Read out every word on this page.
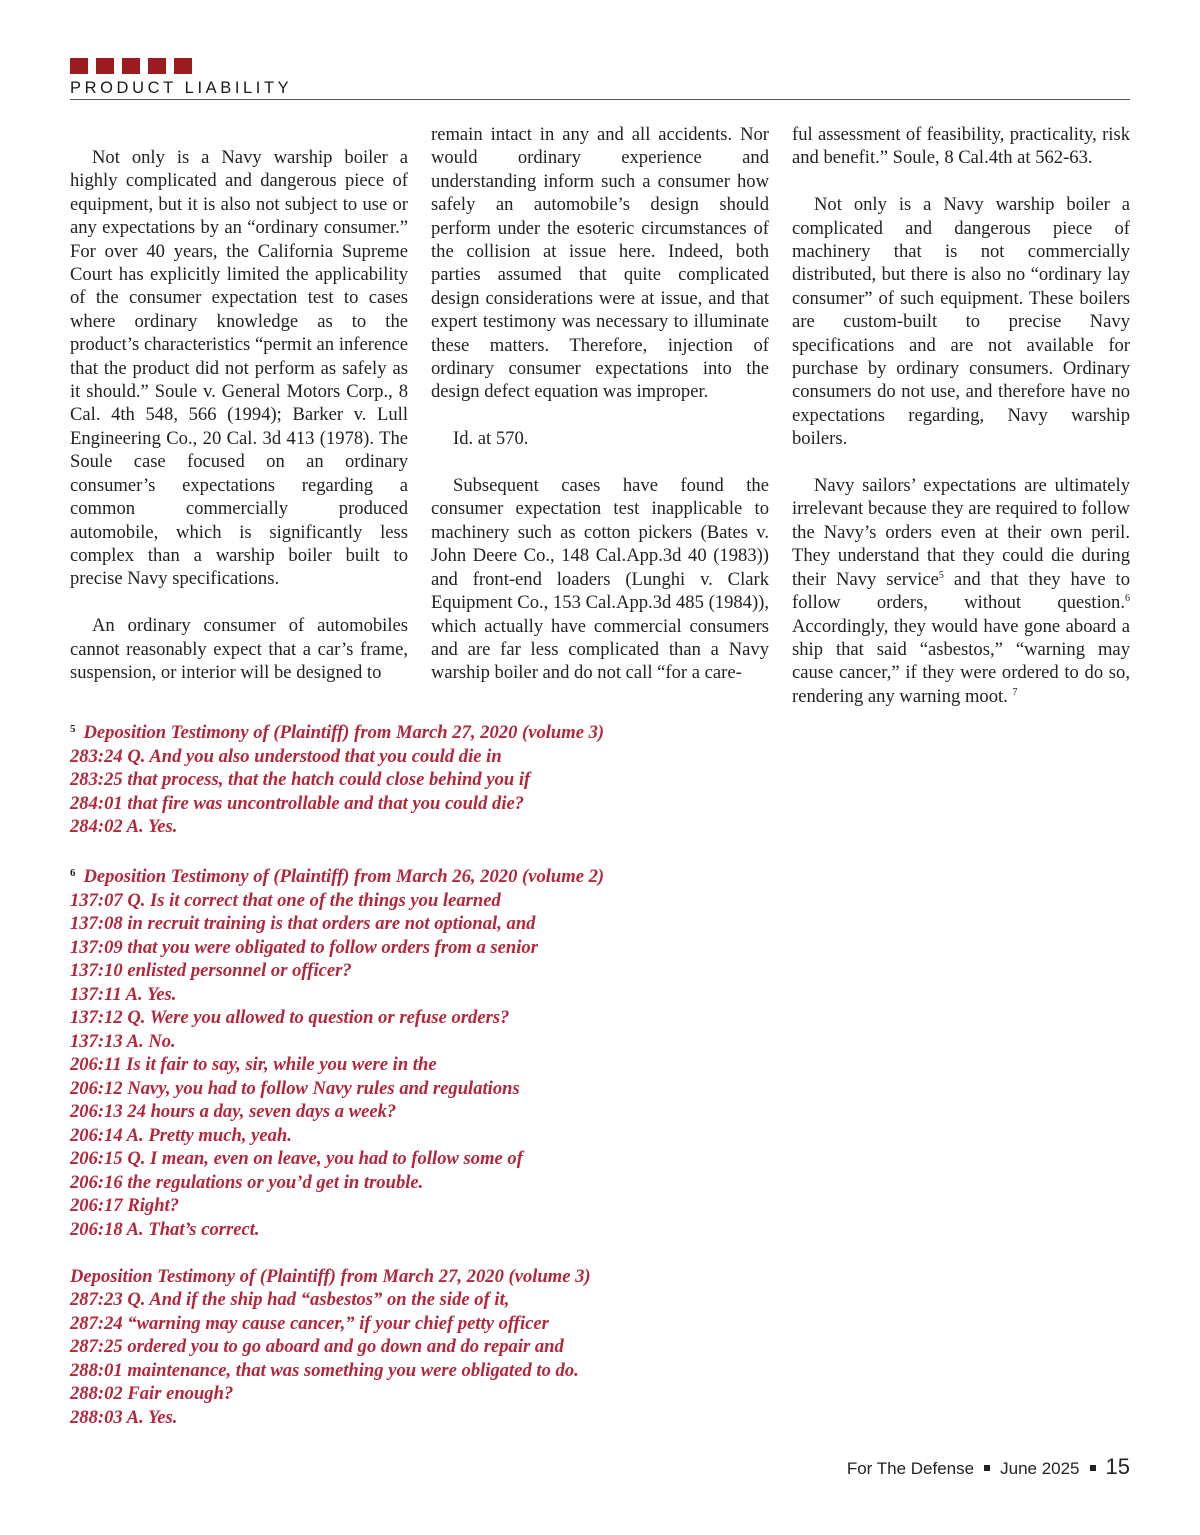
PRODUCT LIABILITY

Not only is a Navy warship boiler a highly complicated and dangerous piece of equipment, but it is also not subject to use or any expectations by an “ordinary consumer.” For over 40 years, the California Supreme Court has explicitly limited the applicability of the consumer expectation test to cases where ordinary knowledge as to the product’s characteristics “permit an inference that the product did not perform as safely as it should.” Soule v. General Motors Corp., 8 Cal. 4th 548, 566 (1994); Barker v. Lull Engineering Co., 20 Cal. 3d 413 (1978). The Soule case focused on an ordinary consumer’s expectations regarding a common commercially produced automobile, which is significantly less complex than a warship boiler built to precise Navy specifications.

An ordinary consumer of automobiles cannot reasonably expect that a car’s frame, suspension, or interior will be designed to

remain intact in any and all accidents. Nor would ordinary experience and understanding inform such a consumer how safely an automobile’s design should perform under the esoteric circumstances of the collision at issue here. Indeed, both parties assumed that quite complicated design considerations were at issue, and that expert testimony was necessary to illuminate these matters. Therefore, injection of ordinary consumer expectations into the design defect equation was improper.

Id. at 570.

Subsequent cases have found the consumer expectation test inapplicable to machinery such as cotton pickers (Bates v. John Deere Co., 148 Cal.App.3d 40 (1983)) and front-end loaders (Lunghi v. Clark Equipment Co., 153 Cal.App.3d 485 (1984)), which actually have commercial consumers and are far less complicated than a Navy warship boiler and do not call “for a care-

ful assessment of feasibility, practicality, risk and benefit.” Soule, 8 Cal.4th at 562-63.

Not only is a Navy warship boiler a complicated and dangerous piece of machinery that is not commercially distributed, but there is also no “ordinary lay consumer” of such equipment. These boilers are custom-built to precise Navy specifications and are not available for purchase by ordinary consumers. Ordinary consumers do not use, and therefore have no expectations regarding, Navy warship boilers.

Navy sailors’ expectations are ultimately irrelevant because they are required to follow the Navy’s orders even at their own peril. They understand that they could die during their Navy service$^5$ and that they have to follow orders, without question.$^6$ Accordingly, they would have gone aboard a ship that said “asbestos,” “warning may cause cancer,” if they were ordered to do so, rendering any warning moot. $^7$

$^5$ Deposition Testimony of (Plaintiff) from March 27, 2020 (volume 3)
283:24 Q. And you also understood that you could die in
283:25 that process, that the hatch could close behind you if
284:01 that fire was uncontrollable and that you could die?
284:02 A. Yes.
$^6$ Deposition Testimony of (Plaintiff) from March 26, 2020 (volume 2)
137:07 Q. Is it correct that one of the things you learned
137:08 in recruit training is that orders are not optional, and
137:09 that you were obligated to follow orders from a senior
137:10 enlisted personnel or officer?
137:11 A. Yes.
137:12 Q. Were you allowed to question or refuse orders?
137:13 A. No.
206:11 Is it fair to say, sir, while you were in the
206:12 Navy, you had to follow Navy rules and regulations
206:13 24 hours a day, seven days a week?
206:14 A. Pretty much, yeah.
206:15 Q. I mean, even on leave, you had to follow some of
206:16 the regulations or you’d get in trouble.
206:17 Right?
206:18 A. That’s correct.
Deposition Testimony of (Plaintiff) from March 27, 2020 (volume 3)
287:23 Q. And if the ship had “asbestos” on the side of it,
287:24 “warning may cause cancer,” if your chief petty officer
287:25 ordered you to go aboard and go down and do repair and
288:01 maintenance, that was something you were obligated to do.
288:02 Fair enough?
288:03 A. Yes.
For The Defense June 2025 15
